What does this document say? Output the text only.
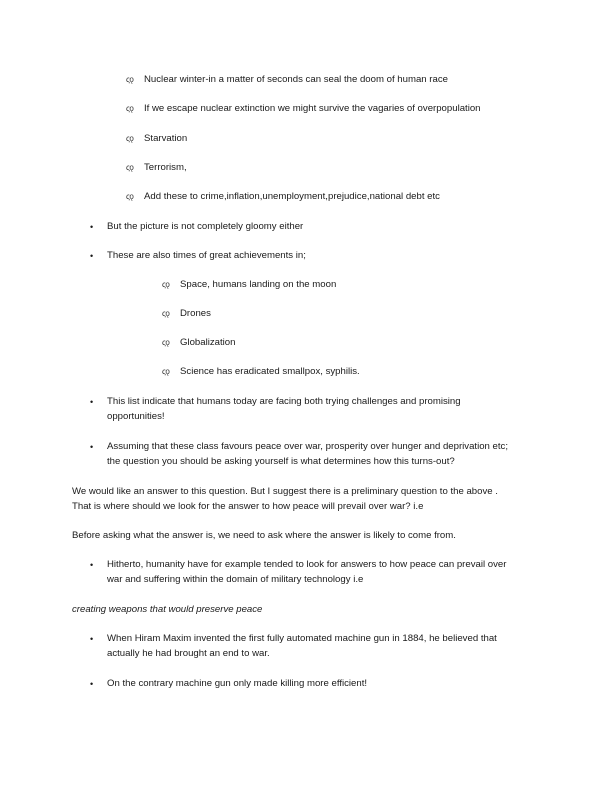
ςǫ Nuclear winter-in a matter of seconds can seal the doom of human race
ςǫ If we escape nuclear extinction we might survive the vagaries of overpopulation
ςǫ Starvation
ςǫ Terrorism,
ςǫ Add these to crime,inflation,unemployment,prejudice,national debt etc
• But the picture is not completely gloomy either
• These are also times of great achievements in;
ςǫ Space, humans landing on the moon
ςǫ Drones
ςǫ Globalization
ςǫ Science has eradicated smallpox, syphilis.
• This list indicate that humans today are facing both trying challenges and promising
opportunities!
• Assuming that these class favours peace over war, prosperity over hunger and deprivation etc;
the question you should be asking yourself is what determines how this turns-out?
We would like an answer to this question. But I suggest there is a preliminary question to the above .
That is where should we look for the answer to how peace will prevail over war? i.e
Before asking what the answer is, we need to ask where the answer is likely to come from.
• Hitherto, humanity have for example tended to look for answers to how peace can prevail over
war and suffering within the domain of military technology i.e
creating weapons that would preserve peace
• When Hiram Maxim invented the first fully automated machine gun in 1884, he believed that
actually he had brought an end to war.
• On the contrary machine gun only made killing more efficient!
